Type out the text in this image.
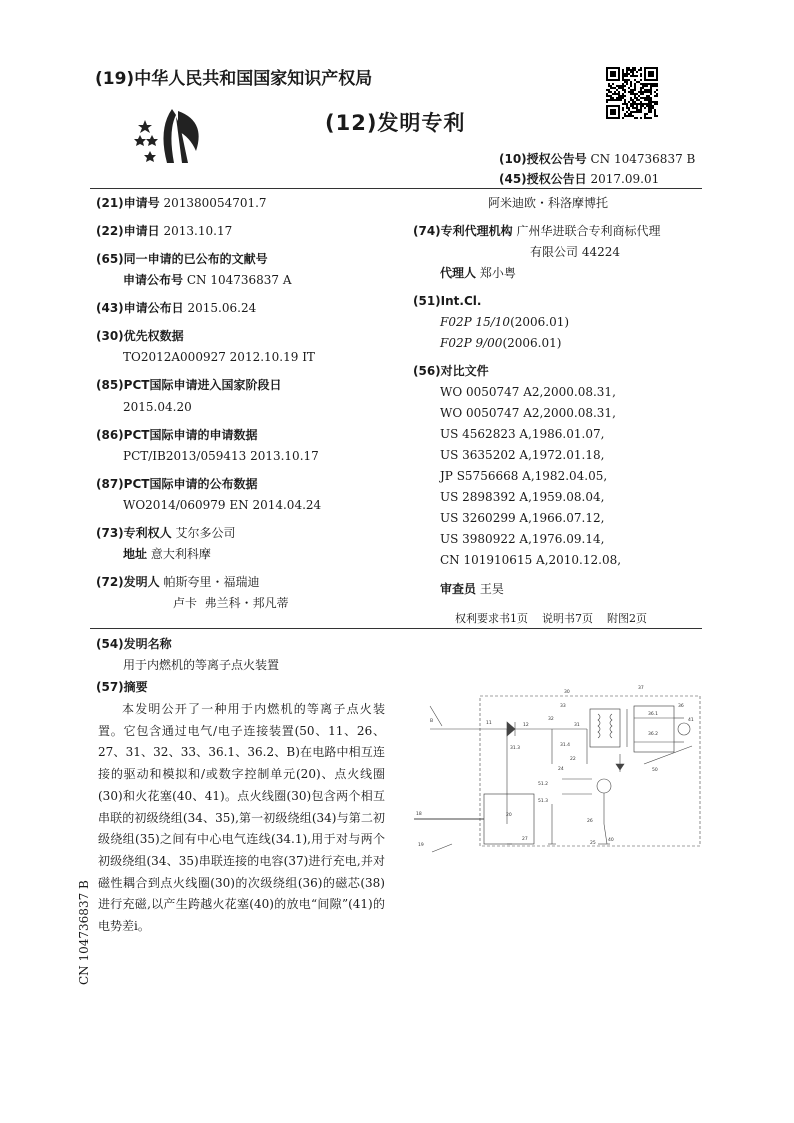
(19)中华人民共和国国家知识产权局
(12)发明专利
(10)授权公告号 CN 104736837 B
(45)授权公告日 2017.09.01
(21)申请号 201380054701.7
(22)申请日 2013.10.17
(65)同一申请的已公布的文献号
申请公布号 CN 104736837 A
(43)申请公布日 2015.06.24
(30)优先权数据
TO2012A000927 2012.10.19 IT
(85)PCT国际申请进入国家阶段日
2015.04.20
(86)PCT国际申请的申请数据
PCT/IB2013/059413 2013.10.17
(87)PCT国际申请的公布数据
WO2014/060979 EN 2014.04.24
(73)专利权人 艾尔多公司
地址 意大利科摩
(72)发明人 帕斯夸里・福瑞迪
卢卡  弗兰科・邦凡蒂
阿米迪欧・科洛摩博托
(74)专利代理机构 广州华进联合专利商标代理
有限公司 44224
代理人 郑小粤
(51)Int.Cl.
F02P 15/10(2006.01)
F02P 9/00(2006.01)
(56)对比文件
WO 0050747 A2,2000.08.31,
WO 0050747 A2,2000.08.31,
US 4562823 A,1986.01.07,
US 3635202 A,1972.01.18,
JP S5756668 A,1982.04.05,
US 2898392 A,1959.08.04,
US 3260299 A,1966.07.12,
US 3980922 A,1976.09.14,
CN 101910615 A,2010.12.08,
审查员 王昊
权利要求书1页    说明书7页    附图2页
(54)发明名称
用于内燃机的等离子点火装置
(57)摘要
本发明公开了一种用于内燃机的等离子点火装置。它包含通过电气/电子连接装置(50、11、26、27、31、32、33、36.1、36.2、B)在电路中相互连接的驱动和模拟和/或数字控制单元(20)、点火线圈(30)和火花塞(40、41)。点火线圈(30)包含两个相互串联的初级绕组(34、35),第一初级绕组(34)与第二初级绕组(35)之间有中心电气连线(34.1),用于对与两个初级绕组(34、35)串联连接的电容(37)进行充电,并对磁性耦合到点火线圈(30)的次级绕组(36)的磁芯(38)进行充磁,以产生跨越火花塞(40)的放电“间隙”(41)的电势差i。
CN 104736837 B
30
37
33
32
36
41
B	11	12	31
36.1
36.2
31.3
31.4
22
20
51.2
24
51.3
26
50
27
25
40
18
19
